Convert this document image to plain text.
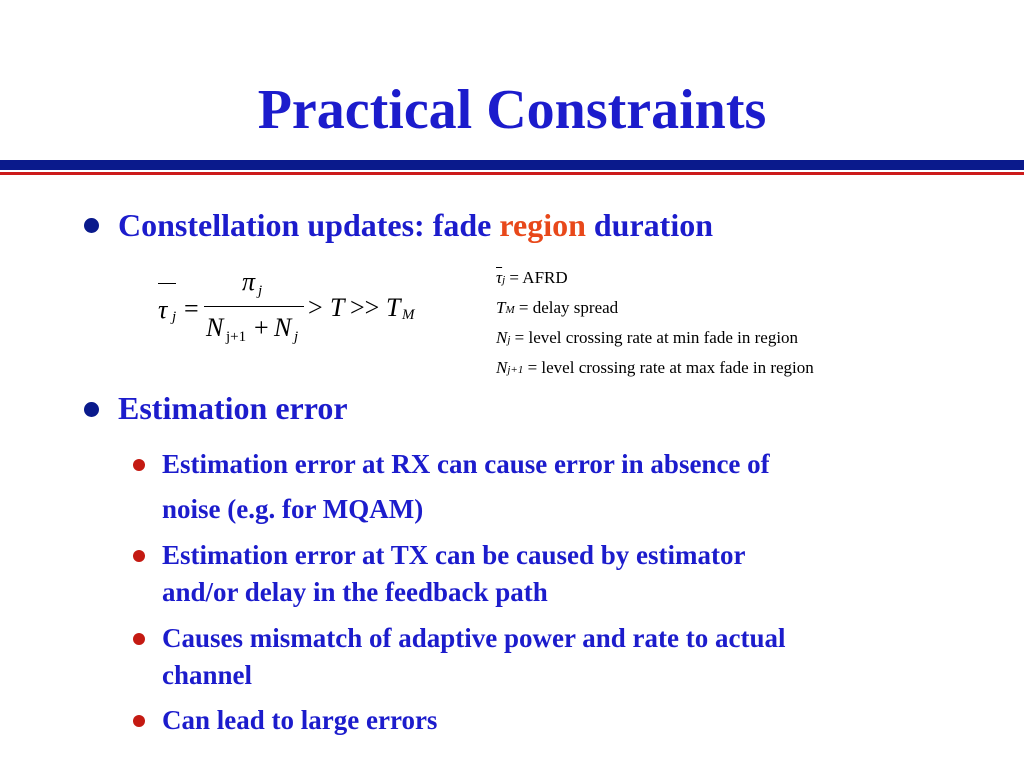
Practical Constraints
Constellation updates: fade region duration
τ j =
π j
N j+1 + N j
> T >> T M
$\overline{\tau}j$ = AFRD
TM = delay spread
Nj = level crossing rate at min fade in region
Nj+1 = level crossing rate at max fade in region
Estimation error
Estimation error at RX can cause error in absence of
noise (e.g. for MQAM)
Estimation error at TX can be caused by estimator
and/or delay in the feedback path
Causes mismatch of adaptive power and rate to actual
channel
Can lead to large errors
